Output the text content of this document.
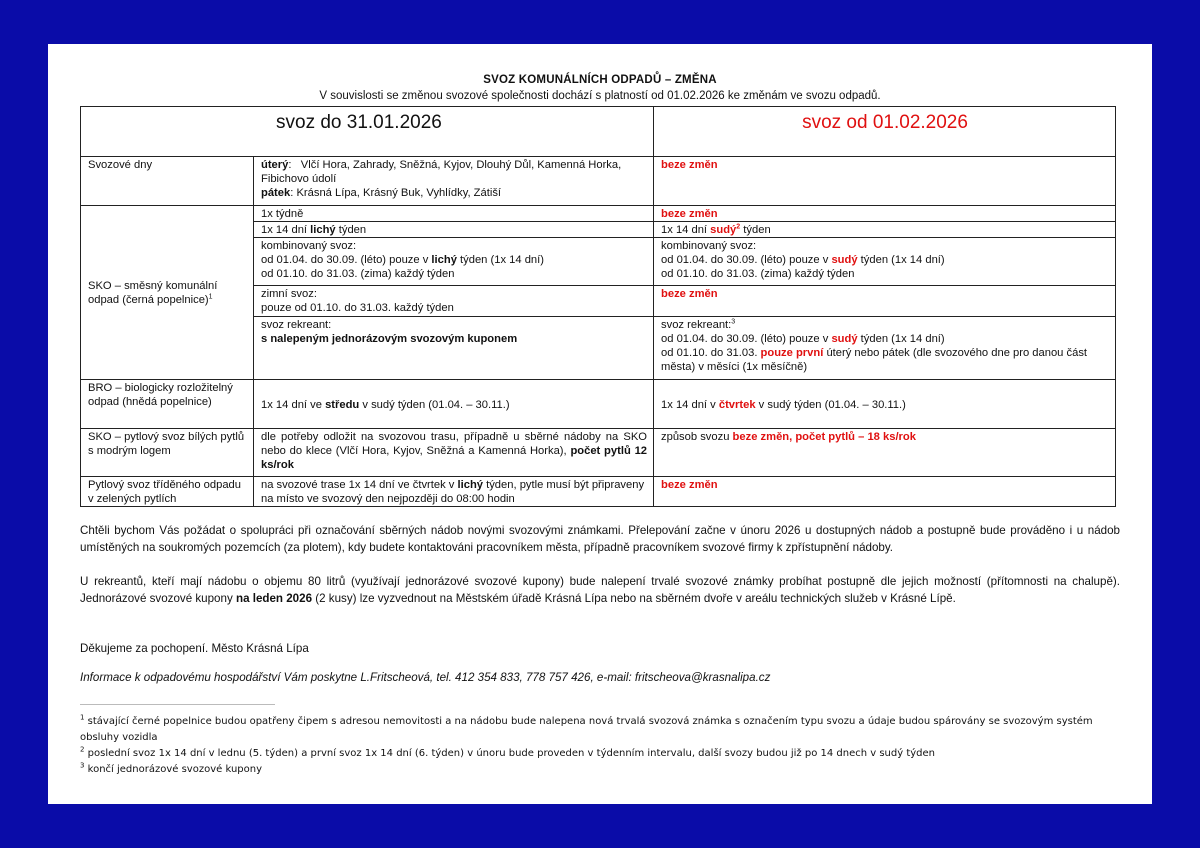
SVOZ KOMUNÁLNÍCH ODPADŮ – ZMĚNA
V souvislosti se změnou svozové společnosti dochází s platností od 01.02.2026 ke změnám ve svozu odpadů.
svoz do 31.01.2026		svoz od 01.02.2026
Svozové dny	úterý:   Vlčí Hora, Zahrady, Sněžná, Kyjov, Dlouhý Důl, Kamenná Horka, Fibichovo údolí
pátek: Krásná Lípa, Krásný Buk, Vyhlídky, Zátiší	beze změn
SKO – směsný komunální odpad (černá popelnice)$^1$	1x týdně	beze změn
	1x 14 dní lichý týden	1x 14 dní sudý$^2$ týden
	kombinovaný svoz:
od 01.04. do 30.09. (léto) pouze v lichý týden (1x 14 dní)
od 01.10. do 31.03. (zima) každý týden	kombinovaný svoz:
od 01.04. do 30.09. (léto) pouze v sudý týden (1x 14 dní)
od 01.10. do 31.03. (zima) každý týden
	zimní svoz:
pouze od 01.10. do 31.03. každý týden	beze změn
	svoz rekreant:
s nalepeným jednorázovým svozovým kuponem	svoz rekreant:$^3$
od 01.04. do 30.09. (léto) pouze v sudý týden (1x 14 dní)
od 01.10. do 31.03. pouze první úterý nebo pátek (dle svozového dne pro danou část města) v měsíci (1x měsíčně)
BRO – biologicky rozložitelný odpad (hnědá popelnice)	1x 14 dní ve středu v sudý týden (01.04. – 30.11.)	1x 14 dní v čtvrtek v sudý týden (01.04. – 30.11.)
SKO – pytlový svoz bílých pytlů s modrým logem	dle potřeby odložit na svozovou trasu, případně u sběrné nádoby na SKO nebo do klece (Vlčí Hora, Kyjov, Sněžná a Kamenná Horka), počet pytlů 12 ks/rok	způsob svozu beze změn, počet pytlů – 18 ks/rok

Pytlový svoz tříděného odpadu v zelených pytlích	na svozové trase 1x 14 dní ve čtvrtek v lichý týden, pytle musí být připraveny na místo ve svozový den nejpozději do 08:00 hodin	beze změn

Chtěli bychom Vás požádat o spolupráci při označování sběrných nádob novými svozovými známkami. Přelepování začne v únoru 2026 u dostupných nádob a postupně bude prováděno i u nádob umístěných na soukromých pozemcích (za plotem), kdy budete kontaktováni pracovníkem města, případně pracovníkem svozové firmy k zpřístupnění nádoby.

U rekreantů, kteří mají nádobu o objemu 80 litrů (využívají jednorázové svozové kupony) bude nalepení trvalé svozové známky probíhat postupně dle jejich možností (přítomnosti na chalupě). Jednorázové svozové kupony na leden 2026 (2 kusy) lze vyzvednout na Městském úřadě Krásná Lípa nebo na sběrném dvoře v areálu technických služeb v Krásné Lípě.

Děkujeme za pochopení. Město Krásná Lípa

Informace k odpadovému hospodářství Vám poskytne L.Fritscheová, tel. 412 354 833, 778 757 426, e-mail: fritscheova@krasnalipa.cz

$^1$ stávající černé popelnice budou opatřeny čipem s adresou nemovitosti a na nádobu bude nalepena nová trvalá svozová známka s označením typu svozu a údaje budou spárovány se svozovým systém obsluhy vozidla
$^2$ poslední svoz 1x 14 dní v lednu (5. týden) a první svoz 1x 14 dní (6. týden) v únoru bude proveden v týdenním intervalu, další svozy budou již po 14 dnech v sudý týden
$^3$ končí jednorázové svozové kupony
